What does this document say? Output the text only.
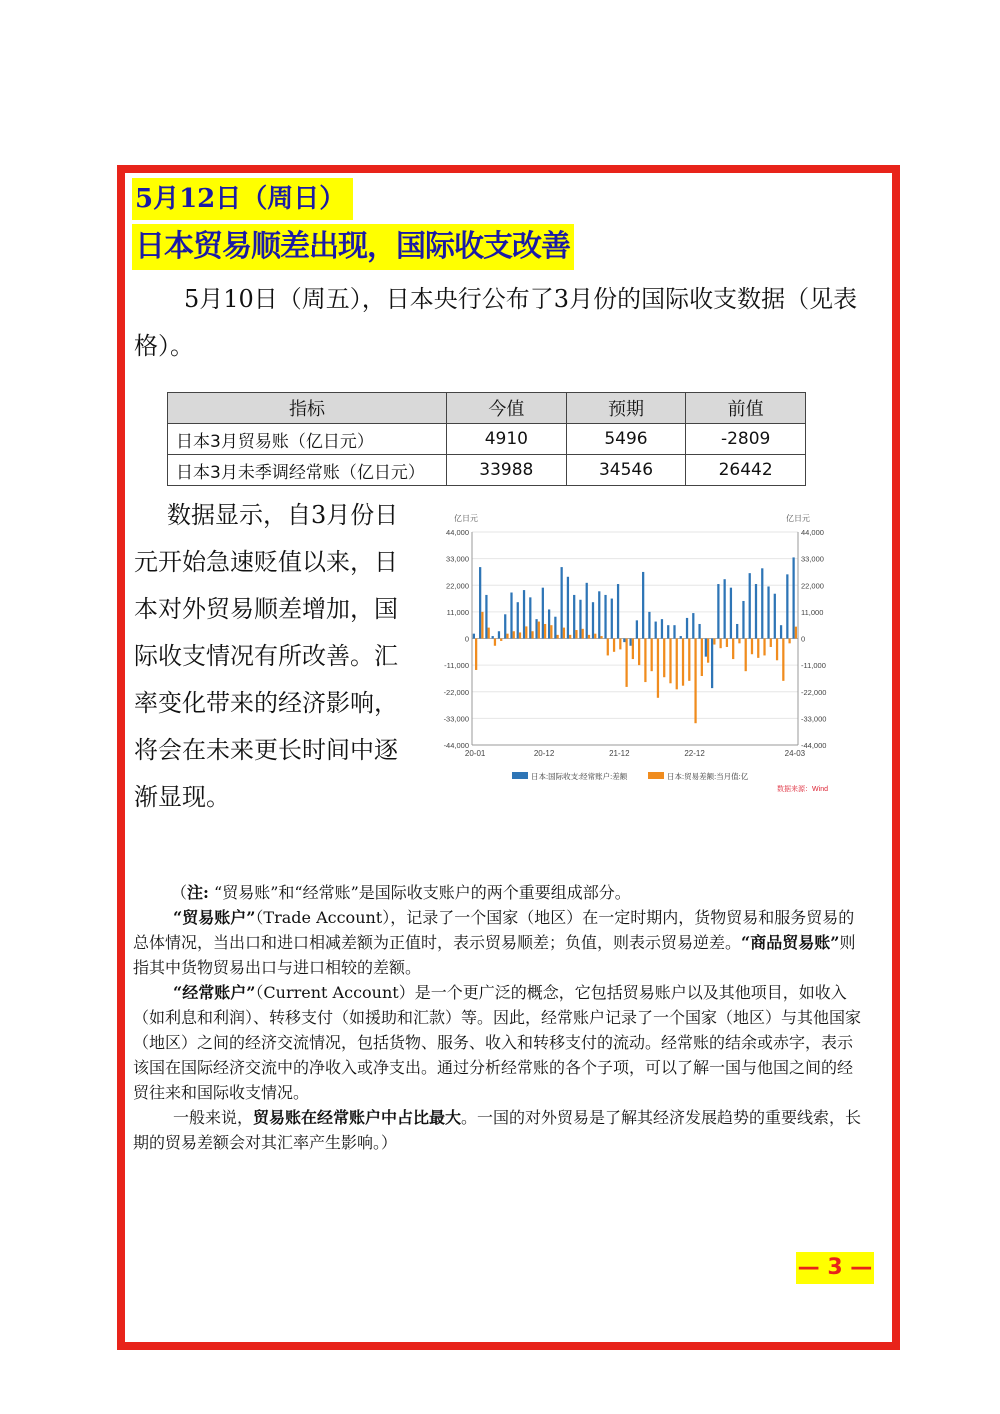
5月12日（周日）
日本贸易顺差出现，国际收支改善
5月10日（周五），日本央行公布了3月份的国际收支数据（见表格）。
指标	今值	预期	前值
日本3月贸易账（亿日元）	4910	5496	-2809
日本3月未季调经常账（亿日元）	33988	34546	26442
数据显示，自3月份日
元开始急速贬值以来，日
本对外贸易顺差增加，国
际收支情况有所改善。汇
率变化带来的经济影响，
将会在未来更长时间中逐
渐显现。
亿日元	亿日元
44,000	44,000
33,000	33,000
22,000	22,000
11,000	11,000
0	0
-11,000	-11,000
-22,000	-22,000
-33,000	-33,000
-44,000	-44,000
20-01	20-12	21-12	22-12	24-03
日本:国际收支:经常账户:差额	日本:贸易差额:当月值:亿
数据来源：Wind

（注: “贸易账”和“经常账”是国际收支账户的两个重要组成部分。

“贸易账户”（Trade Account），记录了一个国家（地区）在一定时期内，货物贸易和服务贸易的总体情况，当出口和进口相减差额为正值时，表示贸易顺差；负值，则表示贸易逆差。“商品贸易账”则指其中货物贸易出口与进口相较的差额。

“经常账户”（Current Account）是一个更广泛的概念，它包括贸易账户以及其他项目，如收入（如利息和利润）、转移支付（如援助和汇款）等。因此，经常账户记录了一个国家（地区）与其他国家（地区）之间的经济交流情况，包括货物、服务、收入和转移支付的流动。经常账的结余或赤字，表示该国在国际经济交流中的净收入或净支出。通过分析经常账的各个子项，可以了解一国与他国之间的经贸往来和国际收支情况。

一般来说，贸易账在经常账户中占比最大。一国的对外贸易是了解其经济发展趋势的重要线索，长期的贸易差额会对其汇率产生影响。）

— 3 —
